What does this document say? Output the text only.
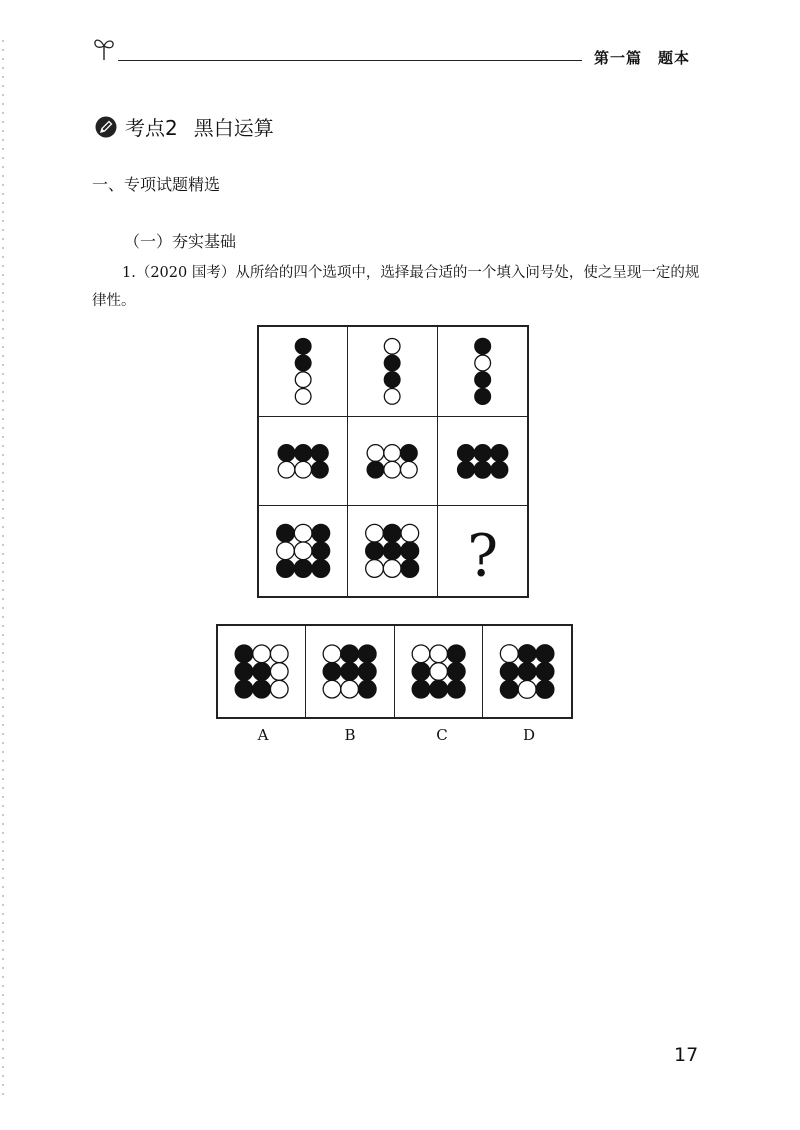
第一篇 题本
考点2 黑白运算
一、专项试题精选
（一）夯实基础
1.（2020 国考）从所给的四个选项中，选择最合适的一个填入问号处，使之呈现一定的规律性。
?
A	B	C	D
17
